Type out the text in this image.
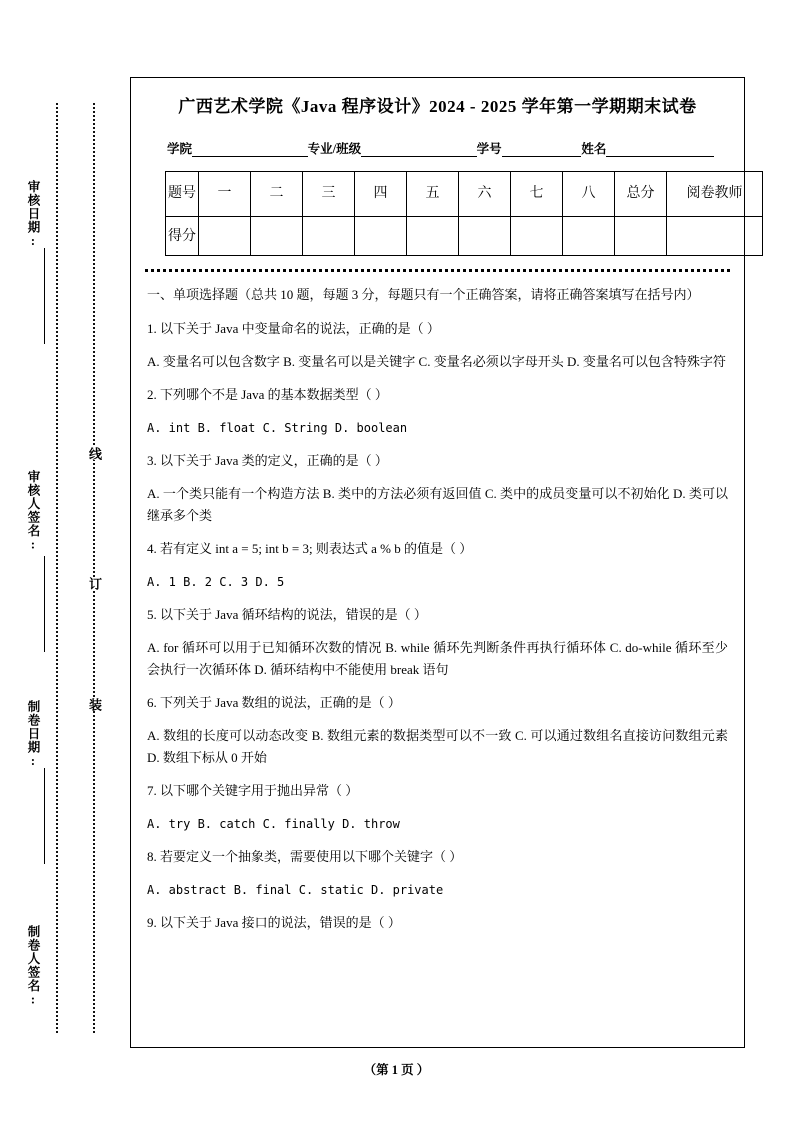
审核日期:
审核人签名:
制卷日期:
制卷人签名:
线
订
装
广西艺术学院《Java 程序设计》2024 - 2025 学年第一学期期末试卷
学院	专业/班级	学号	姓名
题号	一	二	三	四	五	六	七	八	总分	阅卷教师
得分										
一、单项选择题（总共 10 题，每题 3 分，每题只有一个正确答案，请将正确答案填写在括号内）
1. 以下关于 Java 中变量命名的说法，正确的是（ ）
A. 变量名可以包含数字 B. 变量名可以是关键字 C. 变量名必须以字母开头 D. 变量名可以包含特殊字符
2. 下列哪个不是 Java 的基本数据类型（ ）
A. int B. float C. String D. boolean
3. 以下关于 Java 类的定义，正确的是（ ）
A. 一个类只能有一个构造方法 B. 类中的方法必须有返回值 C. 类中的成员变量可以不初始化 D. 类可以继承多个类
4. 若有定义 int a = 5; int b = 3; 则表达式 a % b 的值是（ ）
A. 1 B. 2 C. 3 D. 5
5. 以下关于 Java 循环结构的说法，错误的是（ ）
A. for 循环可以用于已知循环次数的情况 B. while 循环先判断条件再执行循环体 C. do-while 循环至少会执行一次循环体 D. 循环结构中不能使用 break 语句
6. 下列关于 Java 数组的说法，正确的是（ ）
A. 数组的长度可以动态改变 B. 数组元素的数据类型可以不一致 C. 可以通过数组名直接访问数组元素 D. 数组下标从 0 开始
7. 以下哪个关键字用于抛出异常（ ）
A. try B. catch C. finally D. throw
8. 若要定义一个抽象类，需要使用以下哪个关键字（ ）
A. abstract B. final C. static D. private
9. 以下关于 Java 接口的说法，错误的是（ ）
（第 1 页 ）
